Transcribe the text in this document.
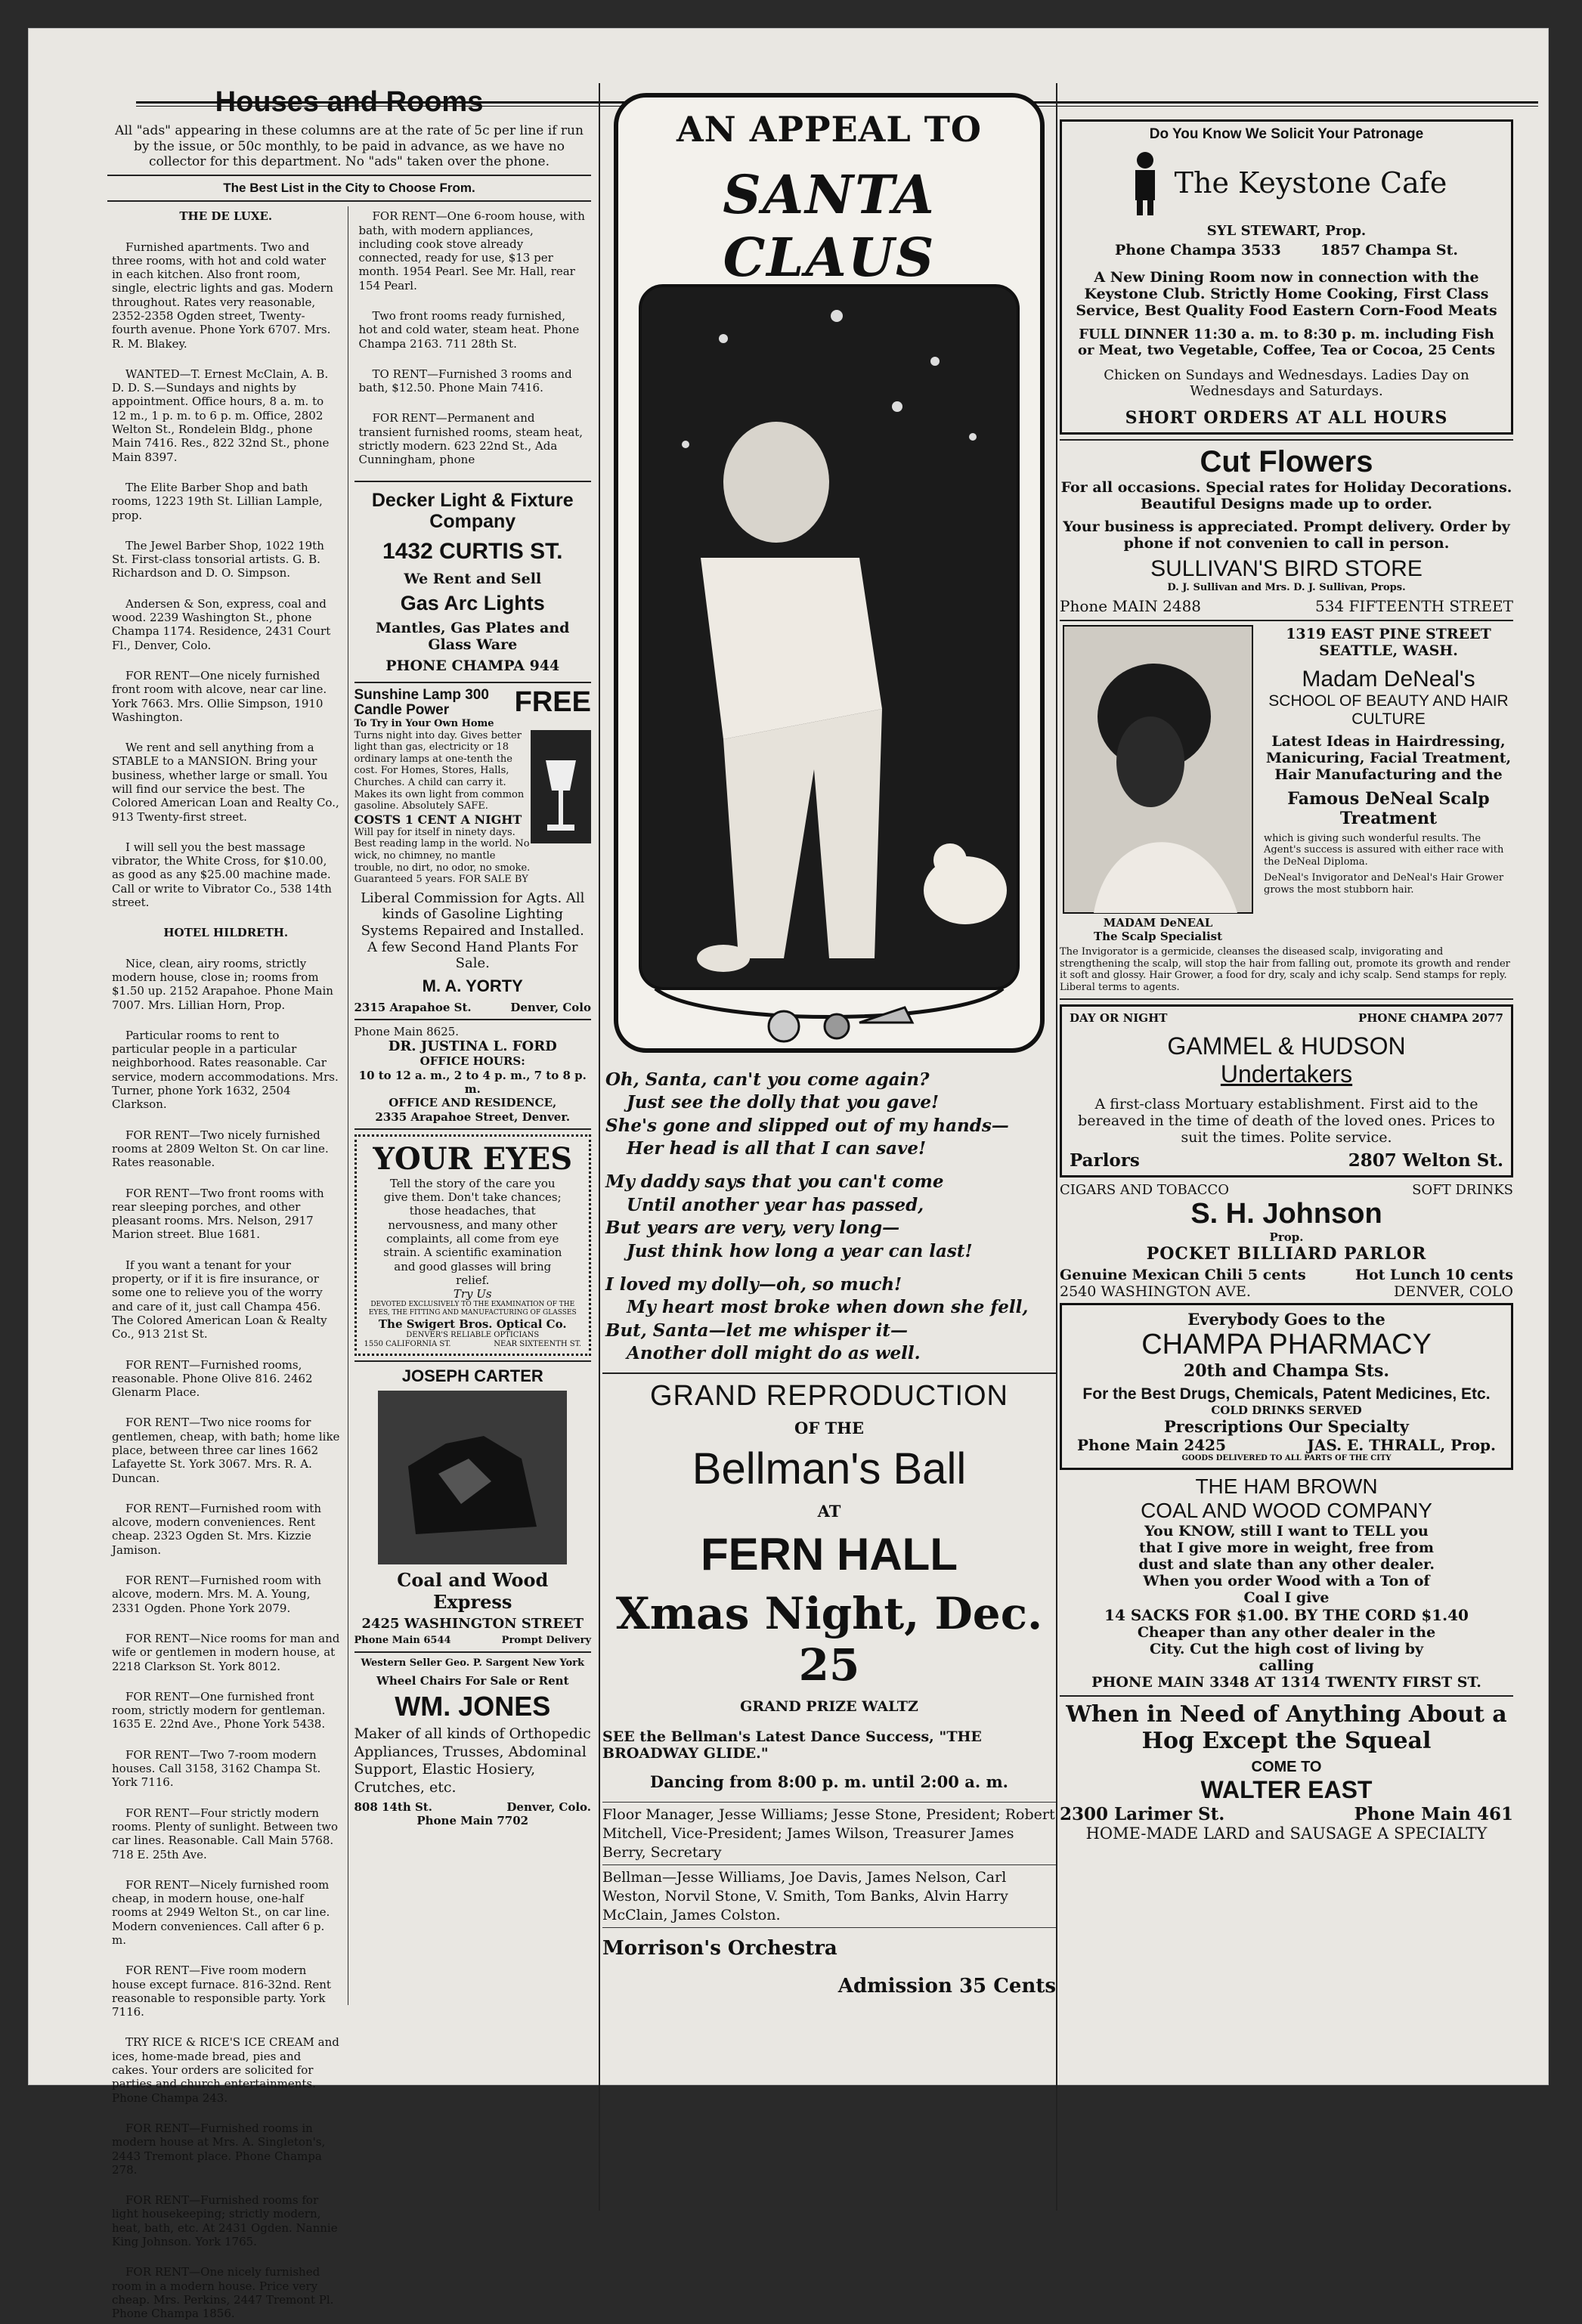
Houses and Rooms
All "ads" appearing in these columns are at the rate of 5c per line if run by the issue, or 50c monthly, to be paid in advance, as we have no collector for this department. No "ads" taken over the phone.
The Best List in the City to Choose From.
THE DE LUXE.
Furnished apartments. Two and three rooms, with hot and cold water in each kitchen. Also front room, single, electric lights and gas. Modern throughout. Rates very reasonable, 2352-2358 Ogden street, Twenty-fourth avenue. Phone York 6707. Mrs. R. M. Blakey.
WANTED—T. Ernest McClain, A. B. D. D. S.—Sundays and nights by appointment. Office hours, 8 a. m. to 12 m., 1 p. m. to 6 p. m. Office, 2802 Welton St., Rondelein Bldg., phone Main 7416. Res., 822 32nd St., phone Main 8397.
The Elite Barber Shop and bath rooms, 1223 19th St. Lillian Lample, prop.
The Jewel Barber Shop, 1022 19th St. First-class tonsorial artists. G. B. Richardson and D. O. Simpson.
Andersen & Son, express, coal and wood. 2239 Washington St., phone Champa 1174. Residence, 2431 Court Fl., Denver, Colo.
FOR RENT—One nicely furnished front room with alcove, near car line. York 7663. Mrs. Ollie Simpson, 1910 Washington.
We rent and sell anything from a STABLE to a MANSION. Bring your business, whether large or small. You will find our service the best. The Colored American Loan and Realty Co., 913 Twenty-first street.
I will sell you the best massage vibrator, the White Cross, for $10.00, as good as any $25.00 machine made. Call or write to Vibrator Co., 538 14th street.
HOTEL HILDRETH.
Nice, clean, airy rooms, strictly modern house, close in; rooms from $1.50 up. 2152 Arapahoe. Phone Main 7007. Mrs. Lillian Horn, Prop.
Particular rooms to rent to particular people in a particular neighborhood. Rates reasonable. Car service, modern accommodations. Mrs. Turner, phone York 1632, 2504 Clarkson.
FOR RENT—Two nicely furnished rooms at 2809 Welton St. On car line. Rates reasonable.
FOR RENT—Two front rooms with rear sleeping porches, and other pleasant rooms. Mrs. Nelson, 2917 Marion street. Blue 1681.
If you want a tenant for your property, or if it is fire insurance, or some one to relieve you of the worry and care of it, just call Champa 456. The Colored American Loan & Realty Co., 913 21st St.
FOR RENT—Furnished rooms, reasonable. Phone Olive 816. 2462 Glenarm Place.
FOR RENT—Two nice rooms for gentlemen, cheap, with bath; home like place, between three car lines 1662 Lafayette St. York 3067. Mrs. R. A. Duncan.
FOR RENT—Furnished room with alcove, modern conveniences. Rent cheap. 2323 Ogden St. Mrs. Kizzie Jamison.
FOR RENT—Furnished room with alcove, modern. Mrs. M. A. Young, 2331 Ogden. Phone York 2079.
FOR RENT—Nice rooms for man and wife or gentlemen in modern house, at 2218 Clarkson St. York 8012.
FOR RENT—One furnished front room, strictly modern for gentleman. 1635 E. 22nd Ave., Phone York 5438.
FOR RENT—Two 7-room modern houses. Call 3158, 3162 Champa St. York 7116.
FOR RENT—Four strictly modern rooms. Plenty of sunlight. Between two car lines. Reasonable. Call Main 5768. 718 E. 25th Ave.
FOR RENT—Nicely furnished room cheap, in modern house, one-half rooms at 2949 Welton St., on car line. Modern conveniences. Call after 6 p. m.
FOR RENT—Five room modern house except furnace. 816-32nd. Rent reasonable to responsible party. York 7116.
TRY RICE & RICE'S ICE CREAM and ices, home-made bread, pies and cakes. Your orders are solicited for parties and church entertainments. Phone Champa 243.
FOR RENT—Furnished rooms in modern house at Mrs. A. Singleton's, 2443 Tremont place. Phone Champa 278.
FOR RENT—Furnished rooms for light housekeeping; strictly modern, heat, bath, etc. At 2431 Ogden. Nannie King Johnson. York 1765.
FOR RENT—One nicely furnished room in a modern house. Price very cheap. Mrs. Perkins, 2447 Tremont Pl. Phone Champa 1856.
FOR RENT—One 6-room house, with bath, with modern appliances, including cook stove already connected, ready for use, $13 per month. 1954 Pearl. See Mr. Hall, rear 154 Pearl.
Two front rooms ready furnished, hot and cold water, steam heat. Phone Champa 2163. 711 28th St.
TO RENT—Furnished 3 rooms and bath, $12.50. Phone Main 7416.
FOR RENT—Permanent and transient furnished rooms, steam heat, strictly modern. 623 22nd St., Ada Cunningham, phone
Decker Light & Fixture Company
1432 CURTIS ST.
We Rent and Sell
Gas Arc Lights
Mantles, Gas Plates and Glass Ware
PHONE CHAMPA 944
Sunshine Lamp 300 Candle Power
To Try in Your Own Home
FREE
Turns night into day. Gives better light than gas, electricity or 18 ordinary lamps at one-tenth the cost. For Homes, Stores, Halls, Churches. A child can carry it. Makes its own light from common gasoline. Absolutely SAFE.
COSTS 1 CENT A NIGHT
Will pay for itself in ninety days. Best reading lamp in the world. No wick, no chimney, no mantle trouble, no dirt, no odor, no smoke. Guaranteed 5 years. FOR SALE BY
Liberal Commission for Agts. All kinds of Gasoline Lighting Systems Repaired and Installed. A few Second Hand Plants For Sale.
M. A. YORTY
2315 Arapahoe St.	Denver, Colo
Phone Main 8625.
DR. JUSTINA L. FORD
OFFICE HOURS:
10 to 12 a. m., 2 to 4 p. m., 7 to 8 p. m.
OFFICE AND RESIDENCE,
2335 Arapahoe Street, Denver.
YOUR EYES
Tell the story of the care you give them. Don't take chances; those headaches, that nervousness, and many other complaints, all come from eye strain. A scientific examination and good glasses will bring relief.
Try Us
DEVOTED EXCLUSIVELY TO THE EXAMINATION OF THE EYES, THE FITTING AND MANUFACTURING OF GLASSES
The Swigert Bros. Optical Co.
DENVER'S RELIABLE OPTICIANS
1550 CALIFORNIA ST.	NEAR SIXTEENTH ST.
JOSEPH CARTER
Coal and Wood
Express
2425 WASHINGTON STREET
Phone Main 6544	Prompt Delivery
Western Seller Geo. P. Sargent New York
Wheel Chairs For Sale or Rent
WM. JONES
Maker of all kinds of Orthopedic Appliances, Trusses, Abdominal Support, Elastic Hosiery, Crutches, etc.
808 14th St.	Denver, Colo.
Phone Main 7702
AN APPEAL TO
SANTA CLAUS
Oh, Santa, can't you come again?
Just see the dolly that you gave!
She's gone and slipped out of my hands—
Her head is all that I can save!
My daddy says that you can't come
Until another year has passed,
But years are very, very long—
Just think how long a year can last!
I loved my dolly—oh, so much!
My heart most broke when down she fell,
But, Santa—let me whisper it—
Another doll might do as well.
GRAND REPRODUCTION
OF THE
Bellman's Ball
AT
FERN HALL
Xmas Night, Dec. 25
GRAND PRIZE WALTZ
SEE the Bellman's Latest Dance Success, "THE BROADWAY GLIDE."
Dancing from 8:00 p. m. until 2:00 a. m.
Floor Manager, Jesse Williams; Jesse Stone, President; Robert Mitchell, Vice-President; James Wilson, Treasurer James Berry, Secretary
Bellman—Jesse Williams, Joe Davis, James Nelson, Carl Weston, Norvil Stone, V. Smith, Tom Banks, Alvin Harry McClain, James Colston.
Morrison's Orchestra
Admission 35 Cents
Do You Know We Solicit Your Patronage
The Keystone Cafe
SYL STEWART, Prop.
Phone Champa 3533	1857 Champa St.
A New Dining Room now in connection with the Keystone Club. Strictly Home Cooking, First Class Service, Best Quality Food Eastern Corn-Food Meats
FULL DINNER 11:30 a. m. to 8:30 p. m. including Fish or Meat, two Vegetable, Coffee, Tea or Cocoa, 25 Cents
Chicken on Sundays and Wednesdays. Ladies Day on Wednesdays and Saturdays.
SHORT ORDERS AT ALL HOURS
Cut Flowers
For all occasions. Special rates for Holiday Decorations. Beautiful Designs made up to order.
Your business is appreciated. Prompt delivery. Order by phone if not convenien to call in person.
SULLIVAN'S BIRD STORE
D. J. Sullivan and Mrs. D. J. Sullivan, Props.
Phone MAIN 2488	534 FIFTEENTH STREET
MADAM DeNEAL
The Scalp Specialist
1319 EAST PINE STREET
SEATTLE, WASH.
Madam DeNeal's
SCHOOL OF BEAUTY AND HAIR CULTURE
Latest Ideas in Hairdressing, Manicuring, Facial Treatment, Hair Manufacturing and the
Famous DeNeal Scalp Treatment
which is giving such wonderful results. The Agent's success is assured with either race with the DeNeal Diploma.
DeNeal's Invigorator and DeNeal's Hair Grower grows the most stubborn hair.
The Invigorator is a germicide, cleanses the diseased scalp, invigorating and strengthening the scalp, will stop the hair from falling out, promote its growth and render it soft and glossy. Hair Grower, a food for dry, scaly and ichy scalp. Send stamps for reply. Liberal terms to agents.
DAY OR NIGHT	PHONE CHAMPA 2077
GAMMEL & HUDSON
Undertakers
A first-class Mortuary establishment. First aid to the bereaved in the time of death of the loved ones. Prices to suit the times. Polite service.
Parlors	2807 Welton St.
CIGARS AND TOBACCO	SOFT DRINKS
S. H. Johnson
Prop.
POCKET BILLIARD PARLOR
Genuine Mexican Chili 5 cents	Hot Lunch 10 cents
2540 WASHINGTON AVE.	DENVER, COLO
Everybody Goes to the
CHAMPA PHARMACY
20th and Champa Sts.
For the Best Drugs, Chemicals, Patent Medicines, Etc.
COLD DRINKS SERVED
Prescriptions Our Specialty
Phone Main 2425	JAS. E. THRALL, Prop.
GOODS DELIVERED TO ALL PARTS OF THE CITY
THE HAM BROWN
COAL AND WOOD COMPANY
You KNOW, still I want to TELL you that I give more in weight, free from dust and slate than any other dealer. When you order Wood with a Ton of Coal I give
14 SACKS FOR $1.00. BY THE CORD $1.40
Cheaper than any other dealer in the City. Cut the high cost of living by calling
PHONE MAIN 3348 AT 1314 TWENTY FIRST ST.
When in Need of Anything About a
Hog Except the Squeal
COME TO
WALTER EAST
2300 Larimer St.	Phone Main 461
HOME-MADE LARD and SAUSAGE A SPECIALTY
